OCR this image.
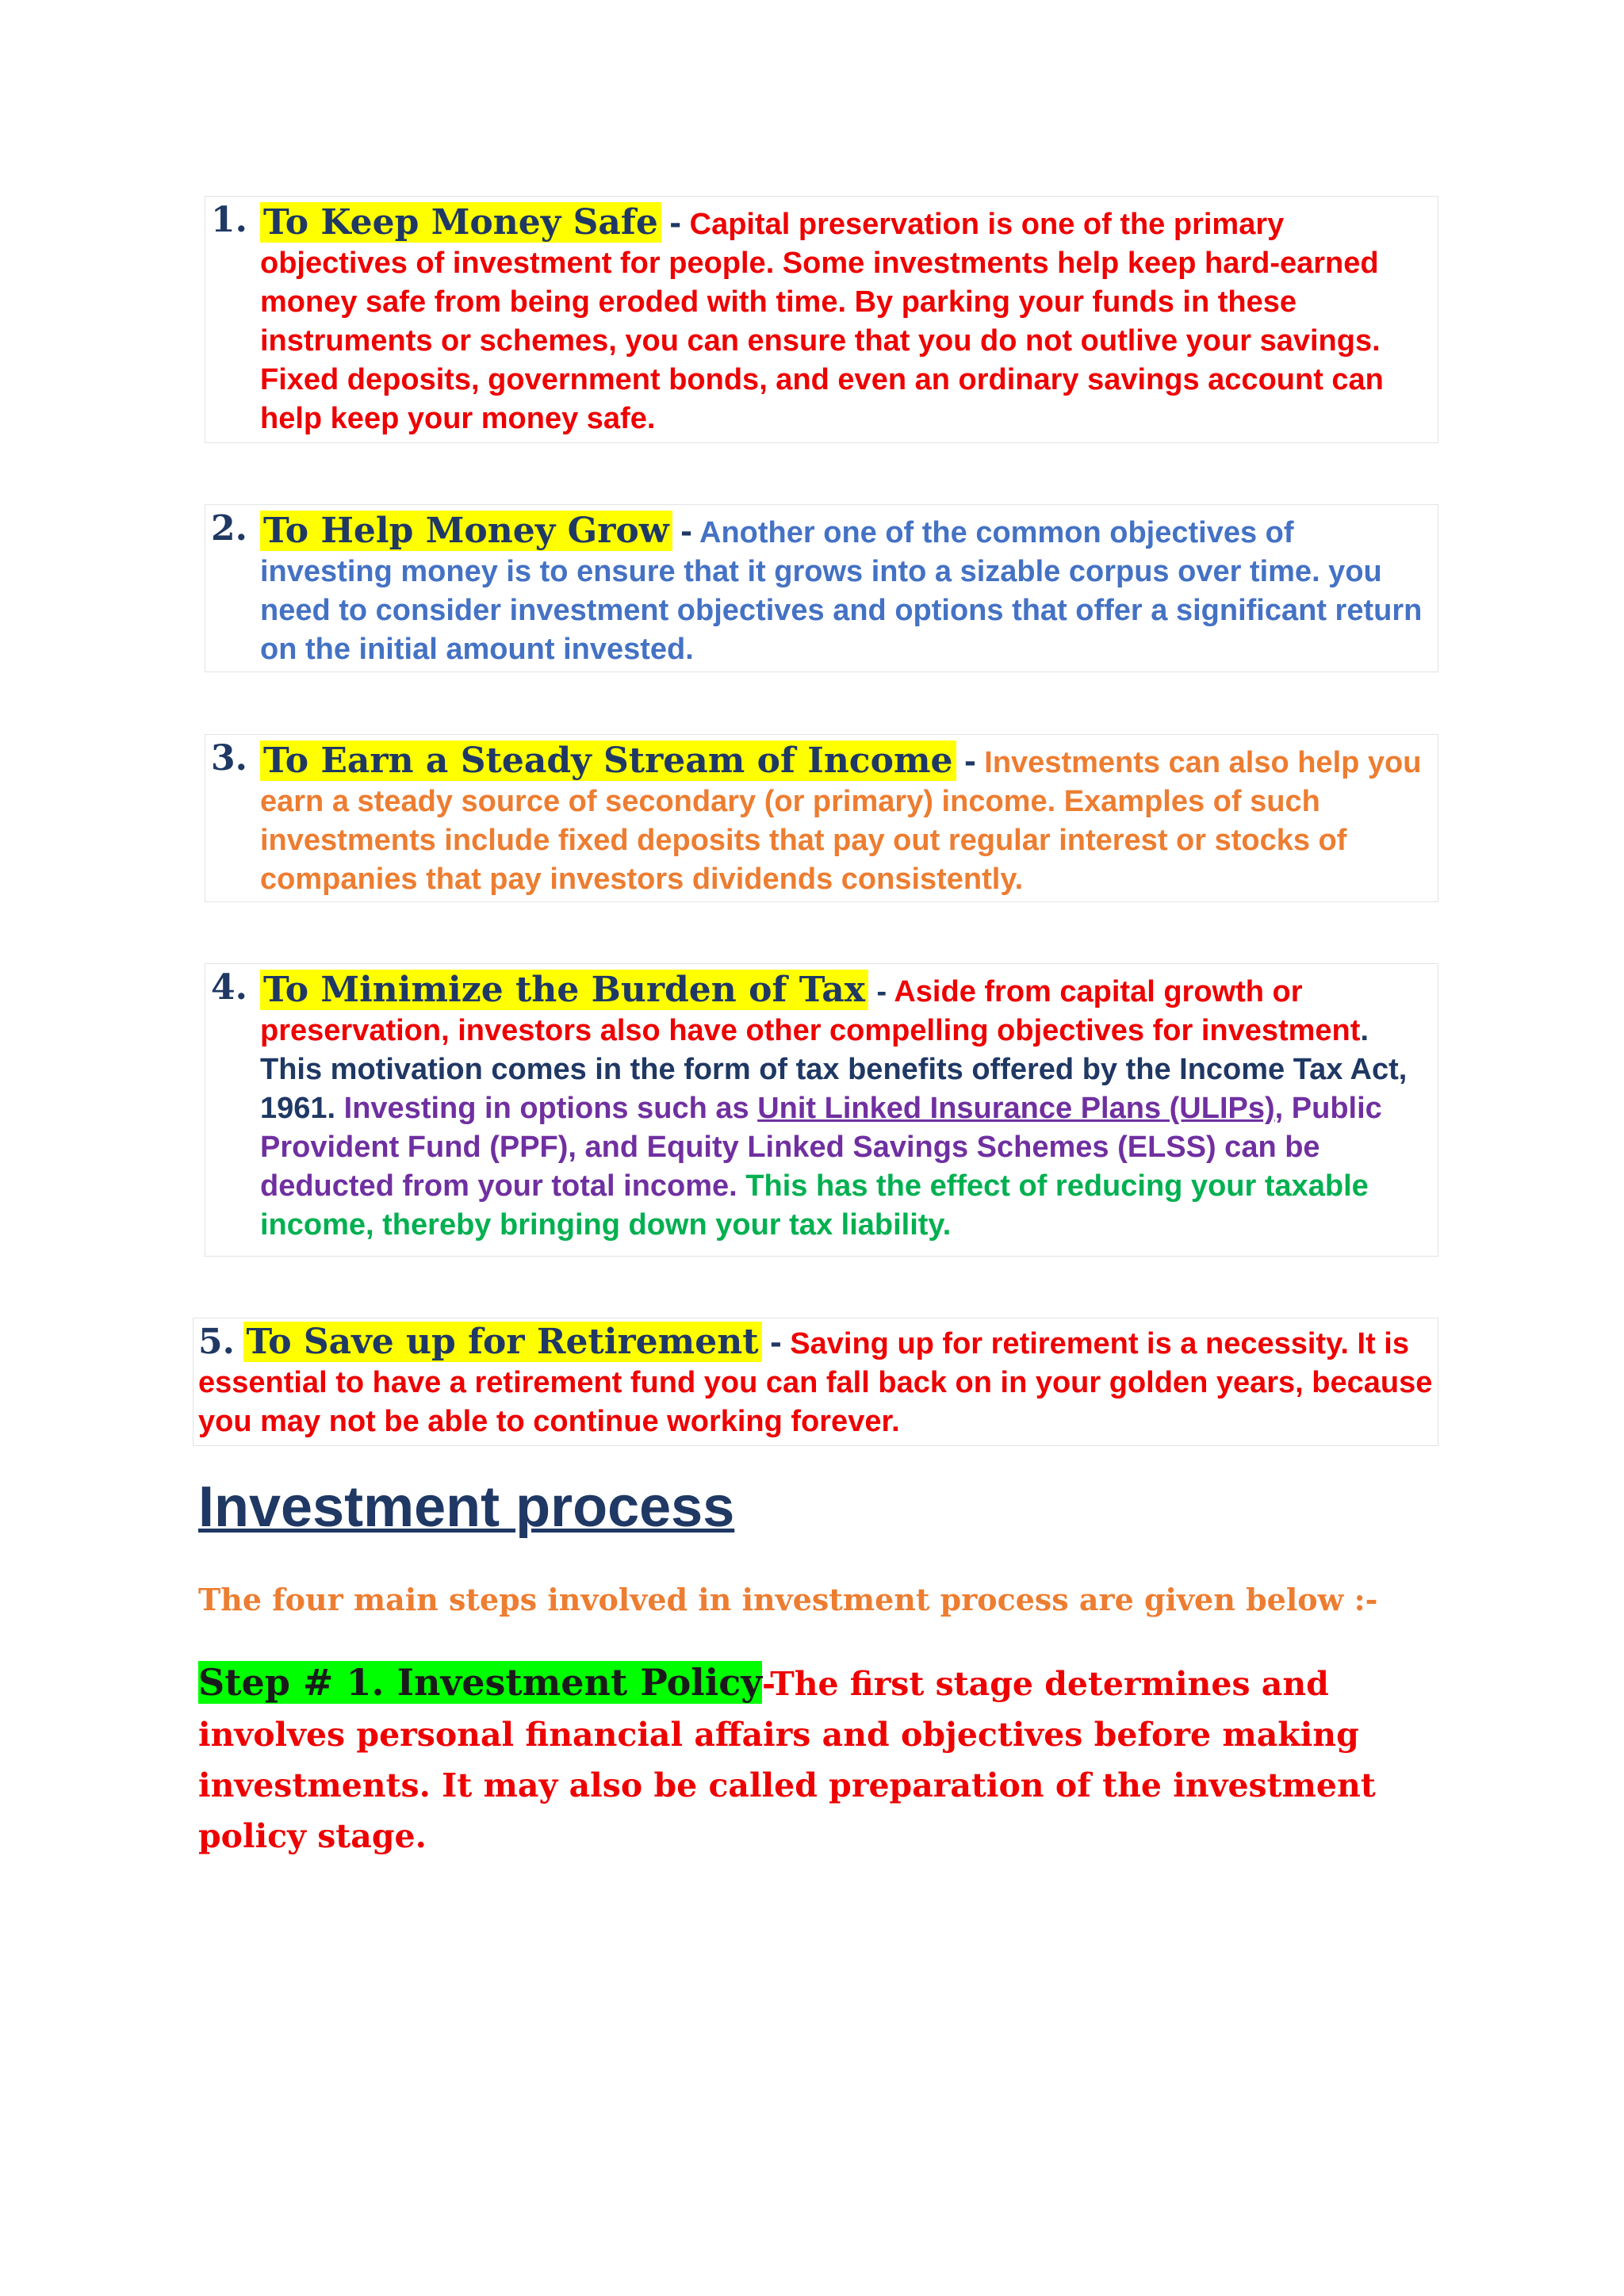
1. To Keep Money Safe - Capital preservation is one of the primary objectives of investment for people. Some investments help keep hard-earned money safe from being eroded with time. By parking your funds in these instruments or schemes, you can ensure that you do not outlive your savings. Fixed deposits, government bonds, and even an ordinary savings account can help keep your money safe.

2. To Help Money Grow - Another one of the common objectives of investing money is to ensure that it grows into a sizable corpus over time. you need to consider investment objectives and options that offer a significant return on the initial amount invested.

3. To Earn a Steady Stream of Income - Investments can also help you earn a steady source of secondary (or primary) income. Examples of such investments include fixed deposits that pay out regular interest or stocks of companies that pay investors dividends consistently.

4. To Minimize the Burden of Tax - Aside from capital growth or preservation, investors also have other compelling objectives for investment. This motivation comes in the form of tax benefits offered by the Income Tax Act, 1961. Investing in options such as Unit Linked Insurance Plans (ULIPs), Public Provident Fund (PPF), and Equity Linked Savings Schemes (ELSS) can be deducted from your total income. This has the effect of reducing your taxable income, thereby bringing down your tax liability.

5. To Save up for Retirement - Saving up for retirement is a necessity. It is essential to have a retirement fund you can fall back on in your golden years, because you may not be able to continue working forever.

Investment process

The four main steps involved in investment process are given below :-

Step # 1. Investment Policy-The first stage determines and involves personal financial affairs and objectives before making investments. It may also be called preparation of the investment policy stage.
